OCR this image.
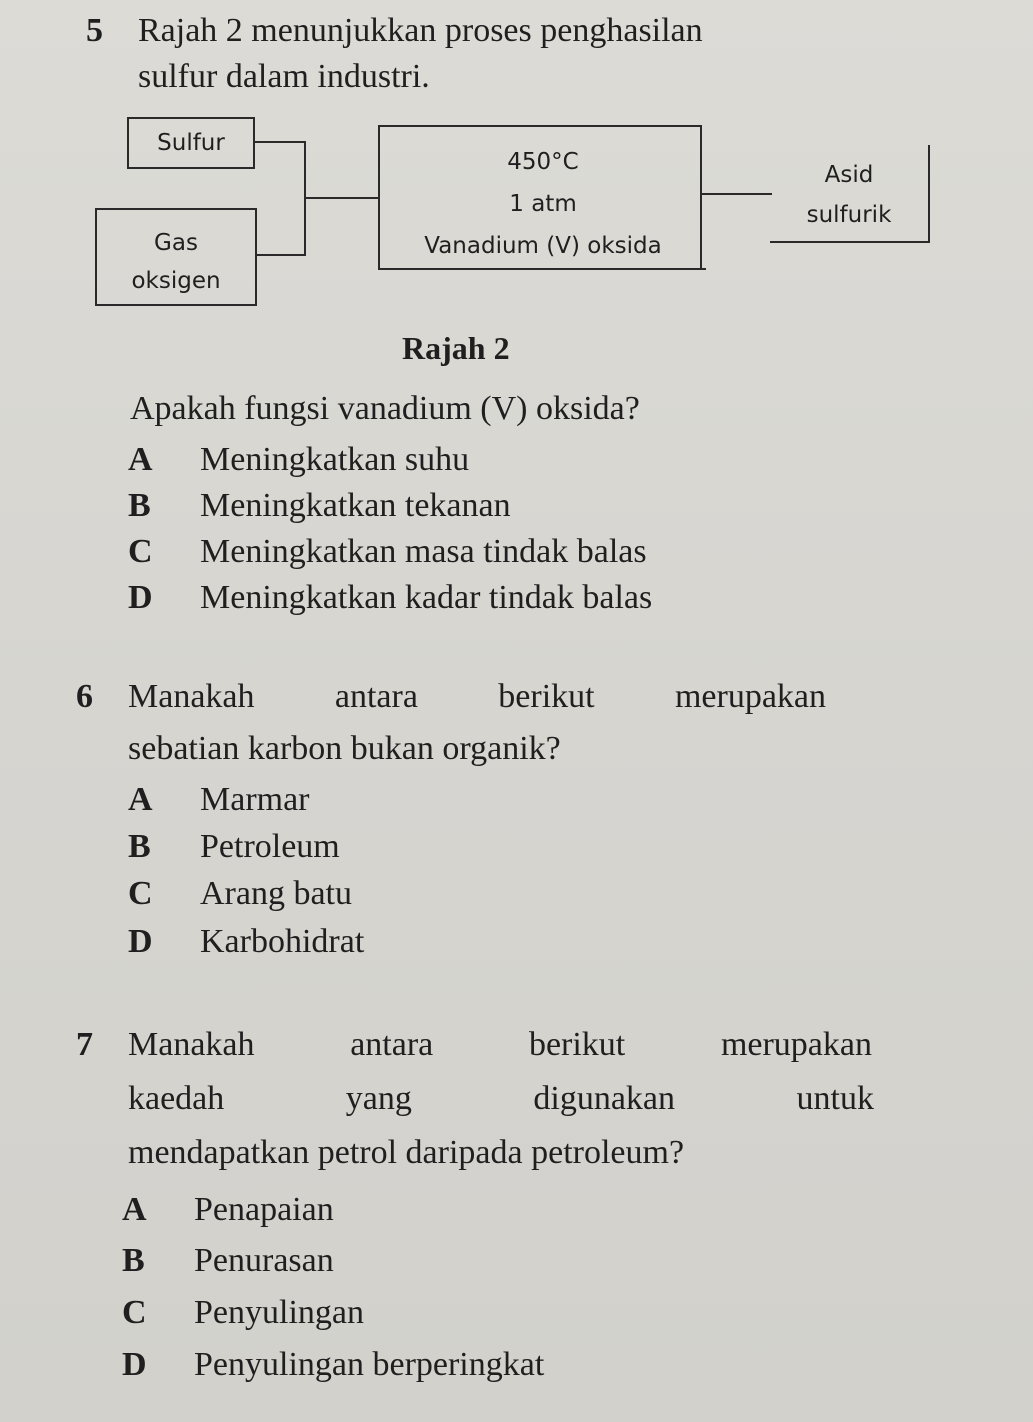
5 Rajah 2 menunjukkan proses penghasilan
sulfur dalam industri.
Sulfur
Gas
oksigen
450°C
1 atm
Vanadium (V) oksida
Asid
sulfurik
Rajah 2
Apakah fungsi vanadium (V) oksida?
A Meningkatkan suhu
B Meningkatkan tekanan
C Meningkatkan masa tindak balas
D Meningkatkan kadar tindak balas
6 Manakah antara berikut merupakan
sebatian karbon bukan organik?
A Marmar
B Petroleum
C Arang batu
D Karbohidrat
7 Manakah	antara	berikut	merupakan
kaedah	yang	digunakan	untuk
mendapatkan petrol daripada petroleum?
A Penapaian
B Penurasan
C Penyulingan
D Penyulingan berperingkat
